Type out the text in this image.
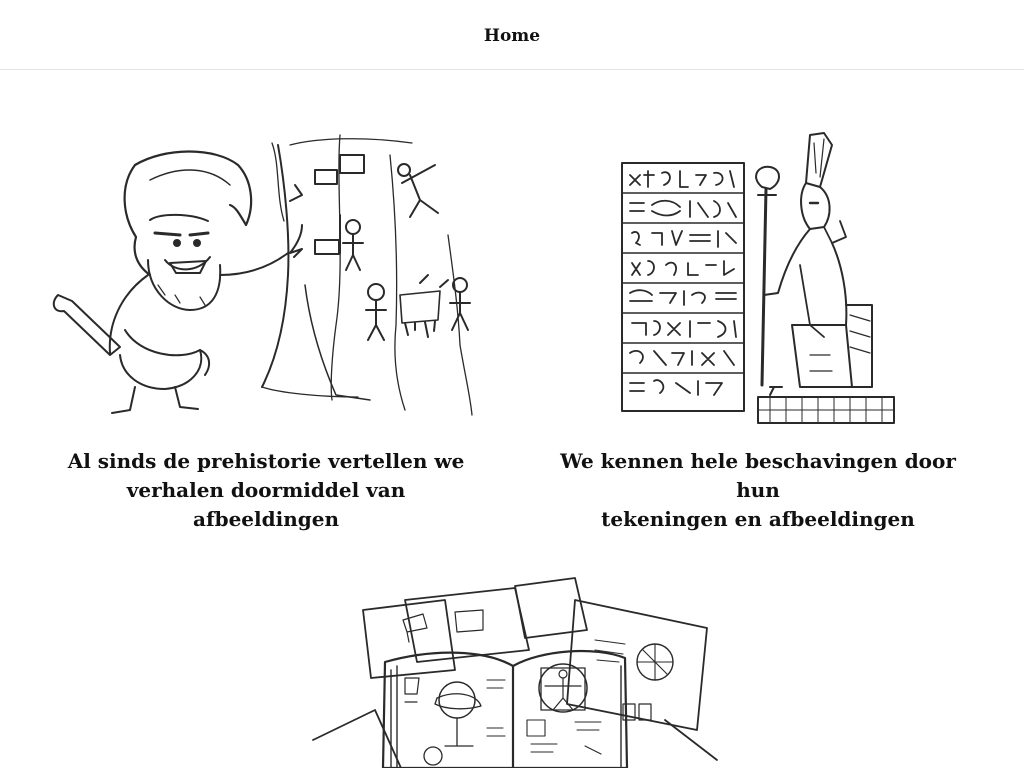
Home
Al sinds de prehistorie vertellen we
verhalen doormiddel van afbeeldingen
We kennen hele beschavingen door hun
tekeningen en afbeeldingen
